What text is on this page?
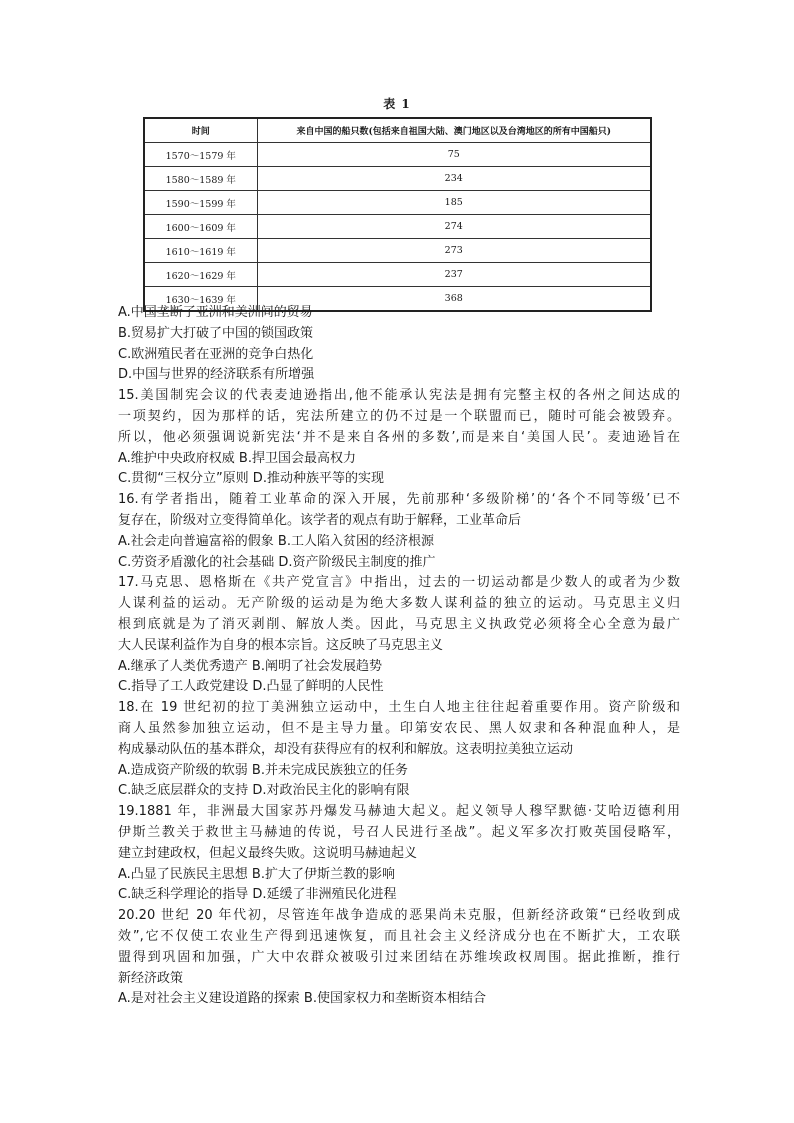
表 1
时间	来自中国的船只数(包括来自祖国大陆、澳门地区以及台湾地区的所有中国船只)
1570～1579 年	75
1580～1589 年	234
1590～1599 年	185
1600～1609 年	274
1610～1619 年	273
1620～1629 年	237
1630～1639 年	368
A.中国垄断了亚洲和美洲间的贸易
B.贸易扩大打破了中国的锁国政策
C.欧洲殖民者在亚洲的竞争白热化
D.中国与世界的经济联系有所增强
15.美国制宪会议的代表麦迪逊指出,他不能承认宪法是拥有完整主权的各州之间达成的
一项契约，因为那样的话，宪法所建立的仍不过是一个联盟而已，随时可能会被毁弃。
所以，他必须强调说新宪法‘并不是来自各州的多数’,而是来自‘美国人民’。麦迪逊旨在
A.维护中央政府权威 B.捍卫国会最高权力
C.贯彻“三权分立”原则 D.推动种族平等的实现
16.有学者指出，随着工业革命的深入开展，先前那种‘多级阶梯’的‘各个不同等级’已不
复存在，阶级对立变得简单化。该学者的观点有助于解释，工业革命后
A.社会走向普遍富裕的假象 B.工人陷入贫困的经济根源
C.劳资矛盾激化的社会基础 D.资产阶级民主制度的推广
17.马克思、恩格斯在《共产党宣言》中指出，过去的一切运动都是少数人的或者为少数
人谋利益的运动。无产阶级的运动是为绝大多数人谋利益的独立的运动。马克思主义归
根到底就是为了消灭剥削、解放人类。因此，马克思主义执政党必须将全心全意为最广
大人民谋利益作为自身的根本宗旨。这反映了马克思主义
A.继承了人类优秀遗产 B.阐明了社会发展趋势
C.指导了工人政党建设 D.凸显了鲜明的人民性
18.在 19 世纪初的拉丁美洲独立运动中，土生白人地主往往起着重要作用。资产阶级和
商人虽然参加独立运动，但不是主导力量。印第安农民、黑人奴隶和各种混血种人，是
构成暴动队伍的基本群众，却没有获得应有的权利和解放。这表明拉美独立运动
A.造成资产阶级的软弱 B.并未完成民族独立的任务
C.缺乏底层群众的支持 D.对政治民主化的影响有限
19.1881 年，非洲最大国家苏丹爆发马赫迪大起义。起义领导人穆罕默德·艾哈迈德利用
伊斯兰教关于救世主马赫迪的传说，号召人民进行圣战”。起义军多次打败英国侵略军，
建立封建政权，但起义最终失败。这说明马赫迪起义
A.凸显了民族民主思想 B.扩大了伊斯兰教的影响
C.缺乏科学理论的指导 D.延缓了非洲殖民化进程
20.20 世纪 20 年代初，尽管连年战争造成的恶果尚未克服，但新经济政策“已经收到成
效”,它不仅使工农业生产得到迅速恢复，而且社会主义经济成分也在不断扩大，工农联
盟得到巩固和加强，广大中农群众被吸引过来团结在苏维埃政权周围。据此推断，推行
新经济政策
A.是对社会主义建设道路的探索 B.使国家权力和垄断资本相结合
